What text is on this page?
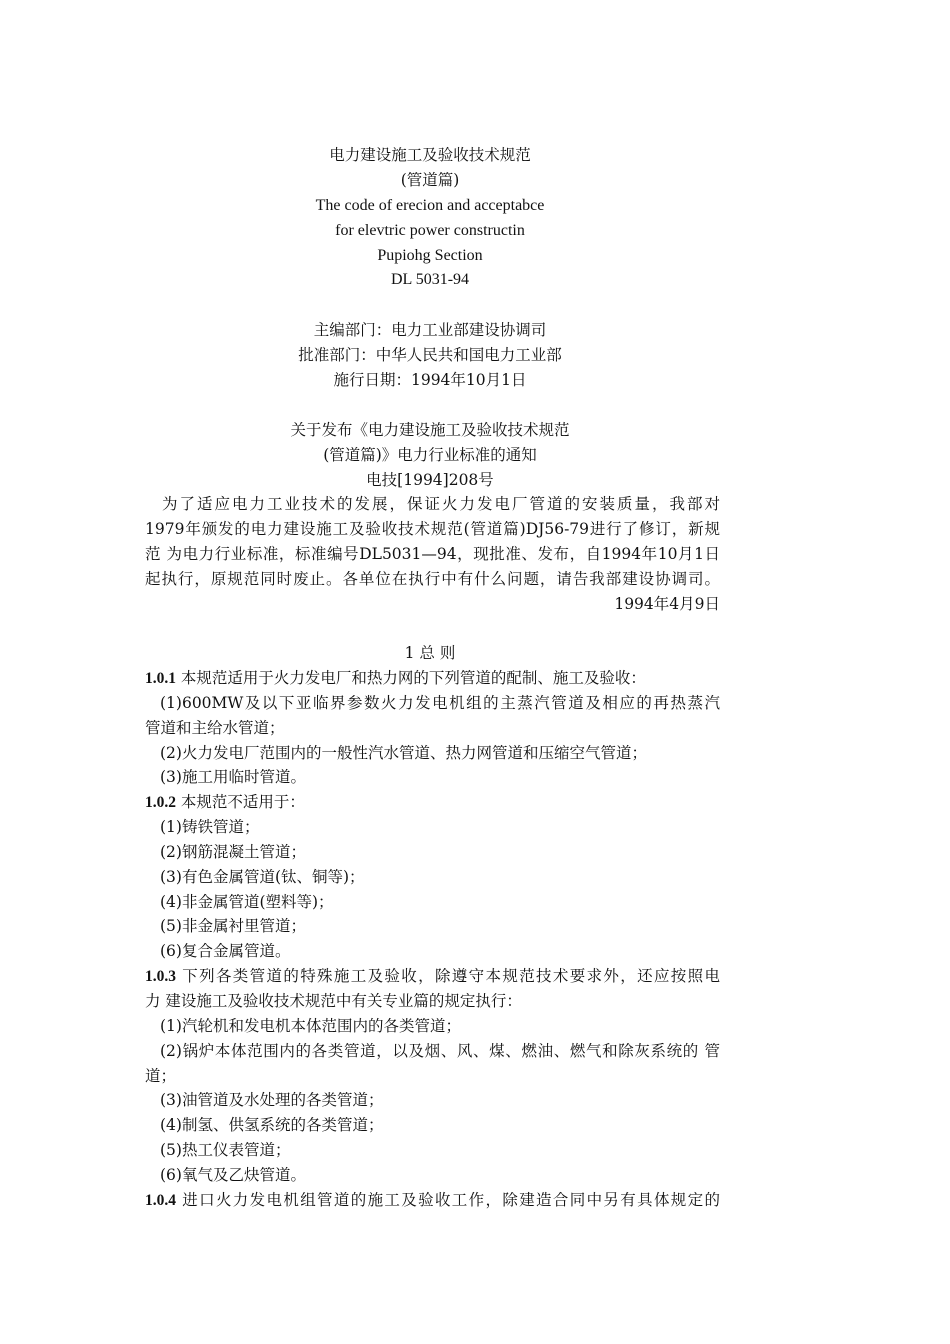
电力建设施工及验收技术规范
(管道篇)
The code of erecion and acceptabce
for elevtric power constructin
Pupiohg Section
DL 5031-94
主编部门：电力工业部建设协调司
批准部门：中华人民共和国电力工业部
施行日期：1994年10月1日
关于发布《电力建设施工及验收技术规范
(管道篇)》电力行业标准的通知
电技[1994]208号
为了适应电力工业技术的发展，保证火力发电厂管道的安装质量，我部对
1979年颁发的电力建设施工及验收技术规范(管道篇)DJ56-79进行了修订，新规
范 为电力行业标准，标准编号DL5031—94，现批准、发布，自1994年10月1日
起执行，原规范同时废止。各单位在执行中有什么问题，请告我部建设协调司。
1994年4月9日
1 总 则
1.0.1 本规范适用于火力发电厂和热力网的下列管道的配制、施工及验收：
(1)600MW及以下亚临界参数火力发电机组的主蒸汽管道及相应的再热蒸汽
管道和主给水管道；
(2)火力发电厂范围内的一般性汽水管道、热力网管道和压缩空气管道；
(3)施工用临时管道。
1.0.2 本规范不适用于：
(1)铸铁管道；
(2)钢筋混凝土管道；
(3)有色金属管道(钛、铜等)；
(4)非金属管道(塑料等)；
(5)非金属衬里管道；
(6)复合金属管道。
1.0.3 下列各类管道的特殊施工及验收，除遵守本规范技术要求外，还应按照电
力 建设施工及验收技术规范中有关专业篇的规定执行：
(1)汽轮机和发电机本体范围内的各类管道；
(2)锅炉本体范围内的各类管道，以及烟、风、煤、燃油、燃气和除灰系统的 管
道；
(3)油管道及水处理的各类管道；
(4)制氢、供氢系统的各类管道；
(5)热工仪表管道；
(6)氧气及乙炔管道。
1.0.4 进口火力发电机组管道的施工及验收工作，除建造合同中另有具体规定的
